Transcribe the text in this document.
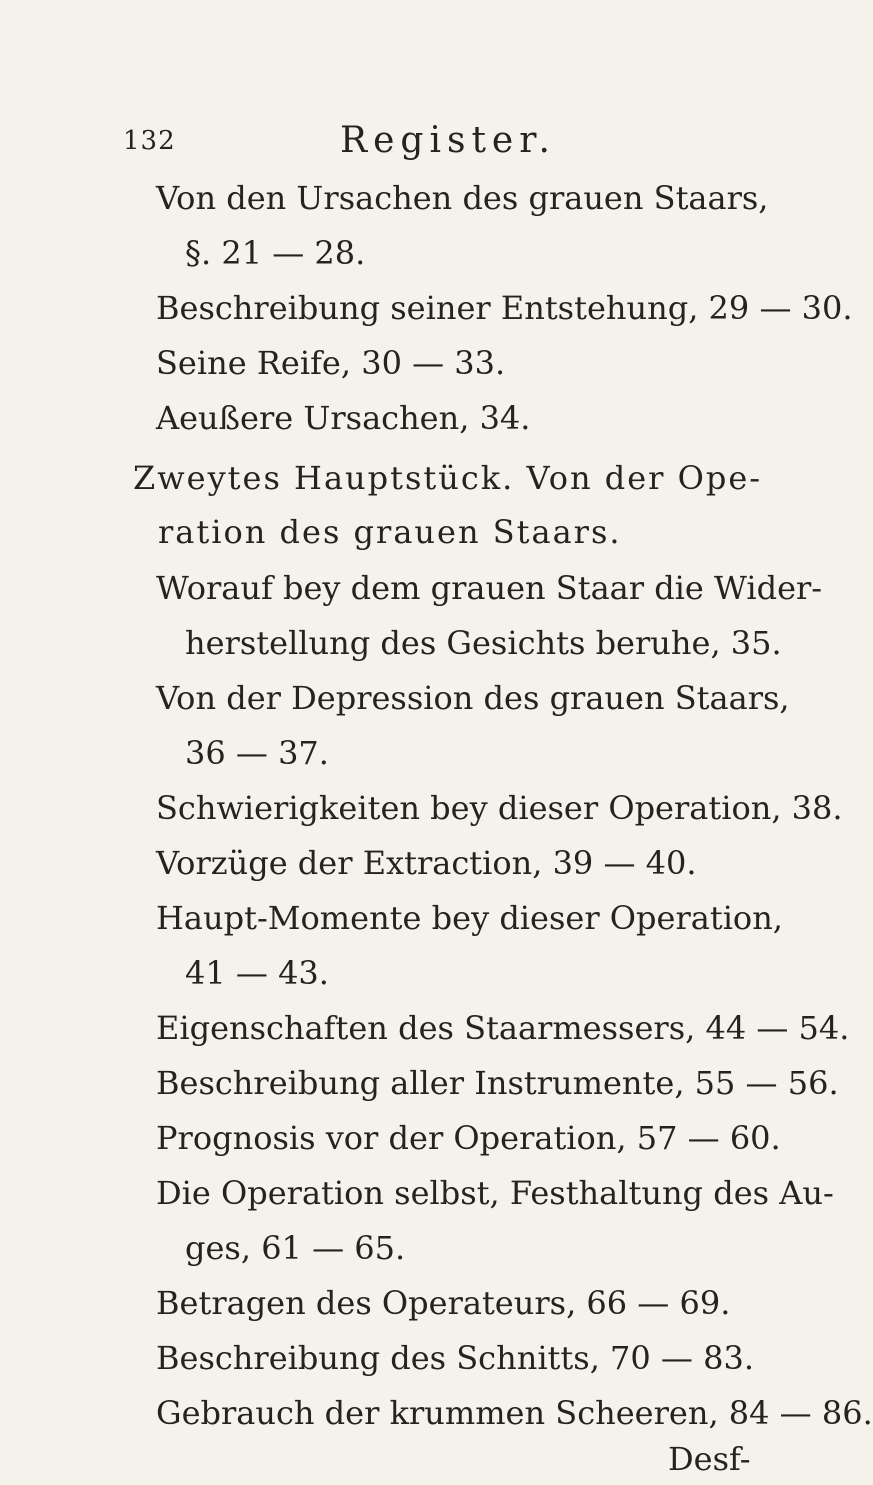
132	Register.
Von den Ursachen des grauen Staars,
§. 21 — 28.
Beschreibung seiner Entstehung, 29 — 30.
Seine Reife, 30 — 33.
Aeußere Ursachen, 34.
Zweytes Hauptstück. Von der Ope-
ration des grauen Staars.
Worauf bey dem grauen Staar die Wider-
herstellung des Gesichts beruhe, 35.
Von der Depression des grauen Staars,
36 — 37.
Schwierigkeiten bey dieser Operation, 38.
Vorzüge der Extraction, 39 — 40.
Haupt-Momente bey dieser Operation,
41 — 43.
Eigenschaften des Staarmessers, 44 — 54.
Beschreibung aller Instrumente, 55 — 56.
Prognosis vor der Operation, 57 — 60.
Die Operation selbst, Festhaltung des Au-
ges, 61 — 65.
Betragen des Operateurs, 66 — 69.
Beschreibung des Schnitts, 70 — 83.
Gebrauch der krummen Scheeren, 84 — 86.
Desf-
